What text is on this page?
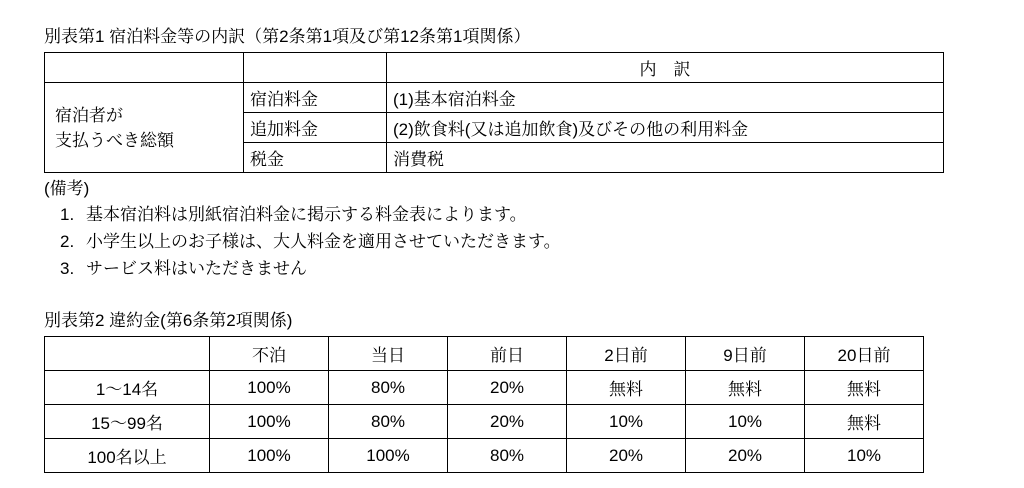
別表第1 宿泊料金等の内訳（第2条第1項及び第12条第1項関係）
		内　訳
宿泊者が
支払うべき総額	宿泊料金	(1)基本宿泊料金
	追加料金	(2)飲食料(又は追加飲食)及びその他の利用料金
	税金	消費税
(備考)
1. 基本宿泊料は別紙宿泊料金に掲示する料金表によります。
2. 小学生以上のお子様は、大人料金を適用させていただきます。
3. サービス料はいただきません
別表第2 違約金(第6条第2項関係)
	不泊	当日	前日	2日前	9日前	20日前
1〜14名	100%	80%	20%	無料	無料	無料
15〜99名	100%	80%	20%	10%	10%	無料
100名以上	100%	100%	80%	20%	20%	10%
